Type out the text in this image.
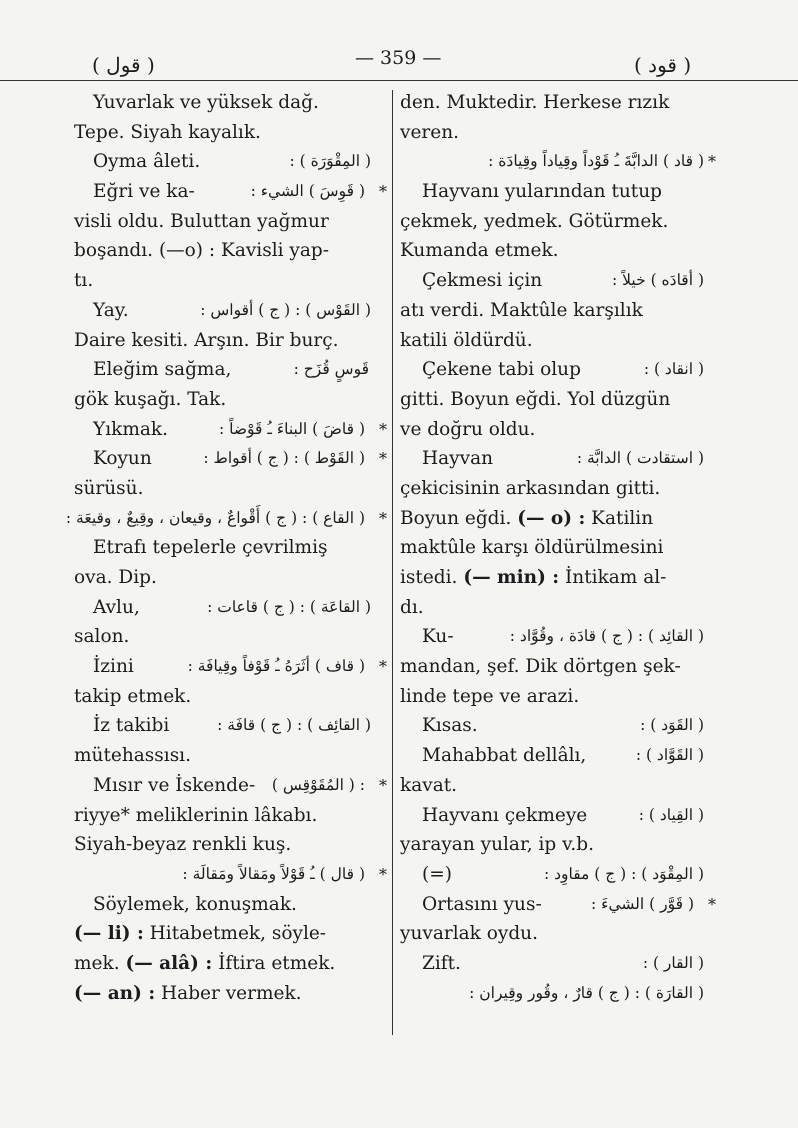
( قول )	— 359 —	( قود )
Yuvarlak ve yüksek dağ.
Tepe. Siyah kayalık.
Oyma âleti.	( المِقْوَرَة ) :
Eğri ve ka-	( قَوِسَ ) الشيء : *
visli oldu. Buluttan yağmur
boşandı. (—o) : Kavisli yap-
tı.
Yay.	( القَوْس ) : ( ج ) أقواس :
Daire kesiti. Arşın. Bir burç.
Eleğim sağma,	قَوسٍ قُزَح :
gök kuşağı. Tak.
Yıkmak.	( قاضَ ) البناءَ ـُ قَوْضاً : *
Koyun	( القَوْط ) : ( ج ) أقواط : *
sürüsü.
( القاع ) : ( ج ) أَقْواعٌ ، وقيعان ، وقِيعٌ ، وقيعَة : *
Etrafı tepelerle çevrilmiş
ova. Dip.
Avlu,	( القاعَة ) : ( ج ) قاعات :
salon.
İzini	( قاف ) أثَرَهُ ـُ قَوْفاً وقِيافَة : *
takip etmek.
İz takibi	( القائِف ) : ( ج ) قافَة :
mütehassısı.
Mısır ve İskende- : ( المُقَوْقِس ) *
riyye* meliklerinin lâkabı.
Siyah-beyaz renkli kuş.
( قال ) ـُ قَوْلاً ومَقالاً ومَقالَة : *
Söylemek, konuşmak.
(— li) : Hitabetmek, söyle-
mek. (— alâ) : İftira etmek.
(— an) : Haber vermek.
den. Muktedir. Herkese rızık
veren.
( قاد ) الدابَّةَ ـُ قَوْداً وقِياداً وقِيادَة : *
Hayvanı yularından tutup
çekmek, yedmek. Götürmek.
Kumanda etmek.
Çekmesi için	( أقادَه ) خيلاً :
atı verdi. Maktûle karşılık
katili öldürdü.
Çekene tabi olup	( انقاد ) :
gitti. Boyun eğdi. Yol düzgün
ve doğru oldu.
Hayvan	( استقادت ) الدابَّة :
çekicisinin arkasından gitti.
Boyun eğdi. (— o) : Katilin
maktûle karşı öldürülmesini
istedi. (— min) : İntikam al-
dı.
Ku-	( القائِد ) : ( ج ) قادَة ، وقُوَّاد :
mandan, şef. Dik dörtgen şek-
linde tepe ve arazi.
Kısas.	( القَوَد ) :
Mahabbat dellâlı,	( القَوَّاد ) :
kavat.
Hayvanı çekmeye	( القِياد ) :
yarayan yular, ip v.b.
(=)	( المِقْوَد ) : ( ج ) مقاوِد :
Ortasını yus-	( قَوَّر ) الشيءَ : *
yuvarlak oydu.
Zift.	( القار ) :
( القارَة ) : ( ج ) قارٌ ، وقُور وقِيران :
